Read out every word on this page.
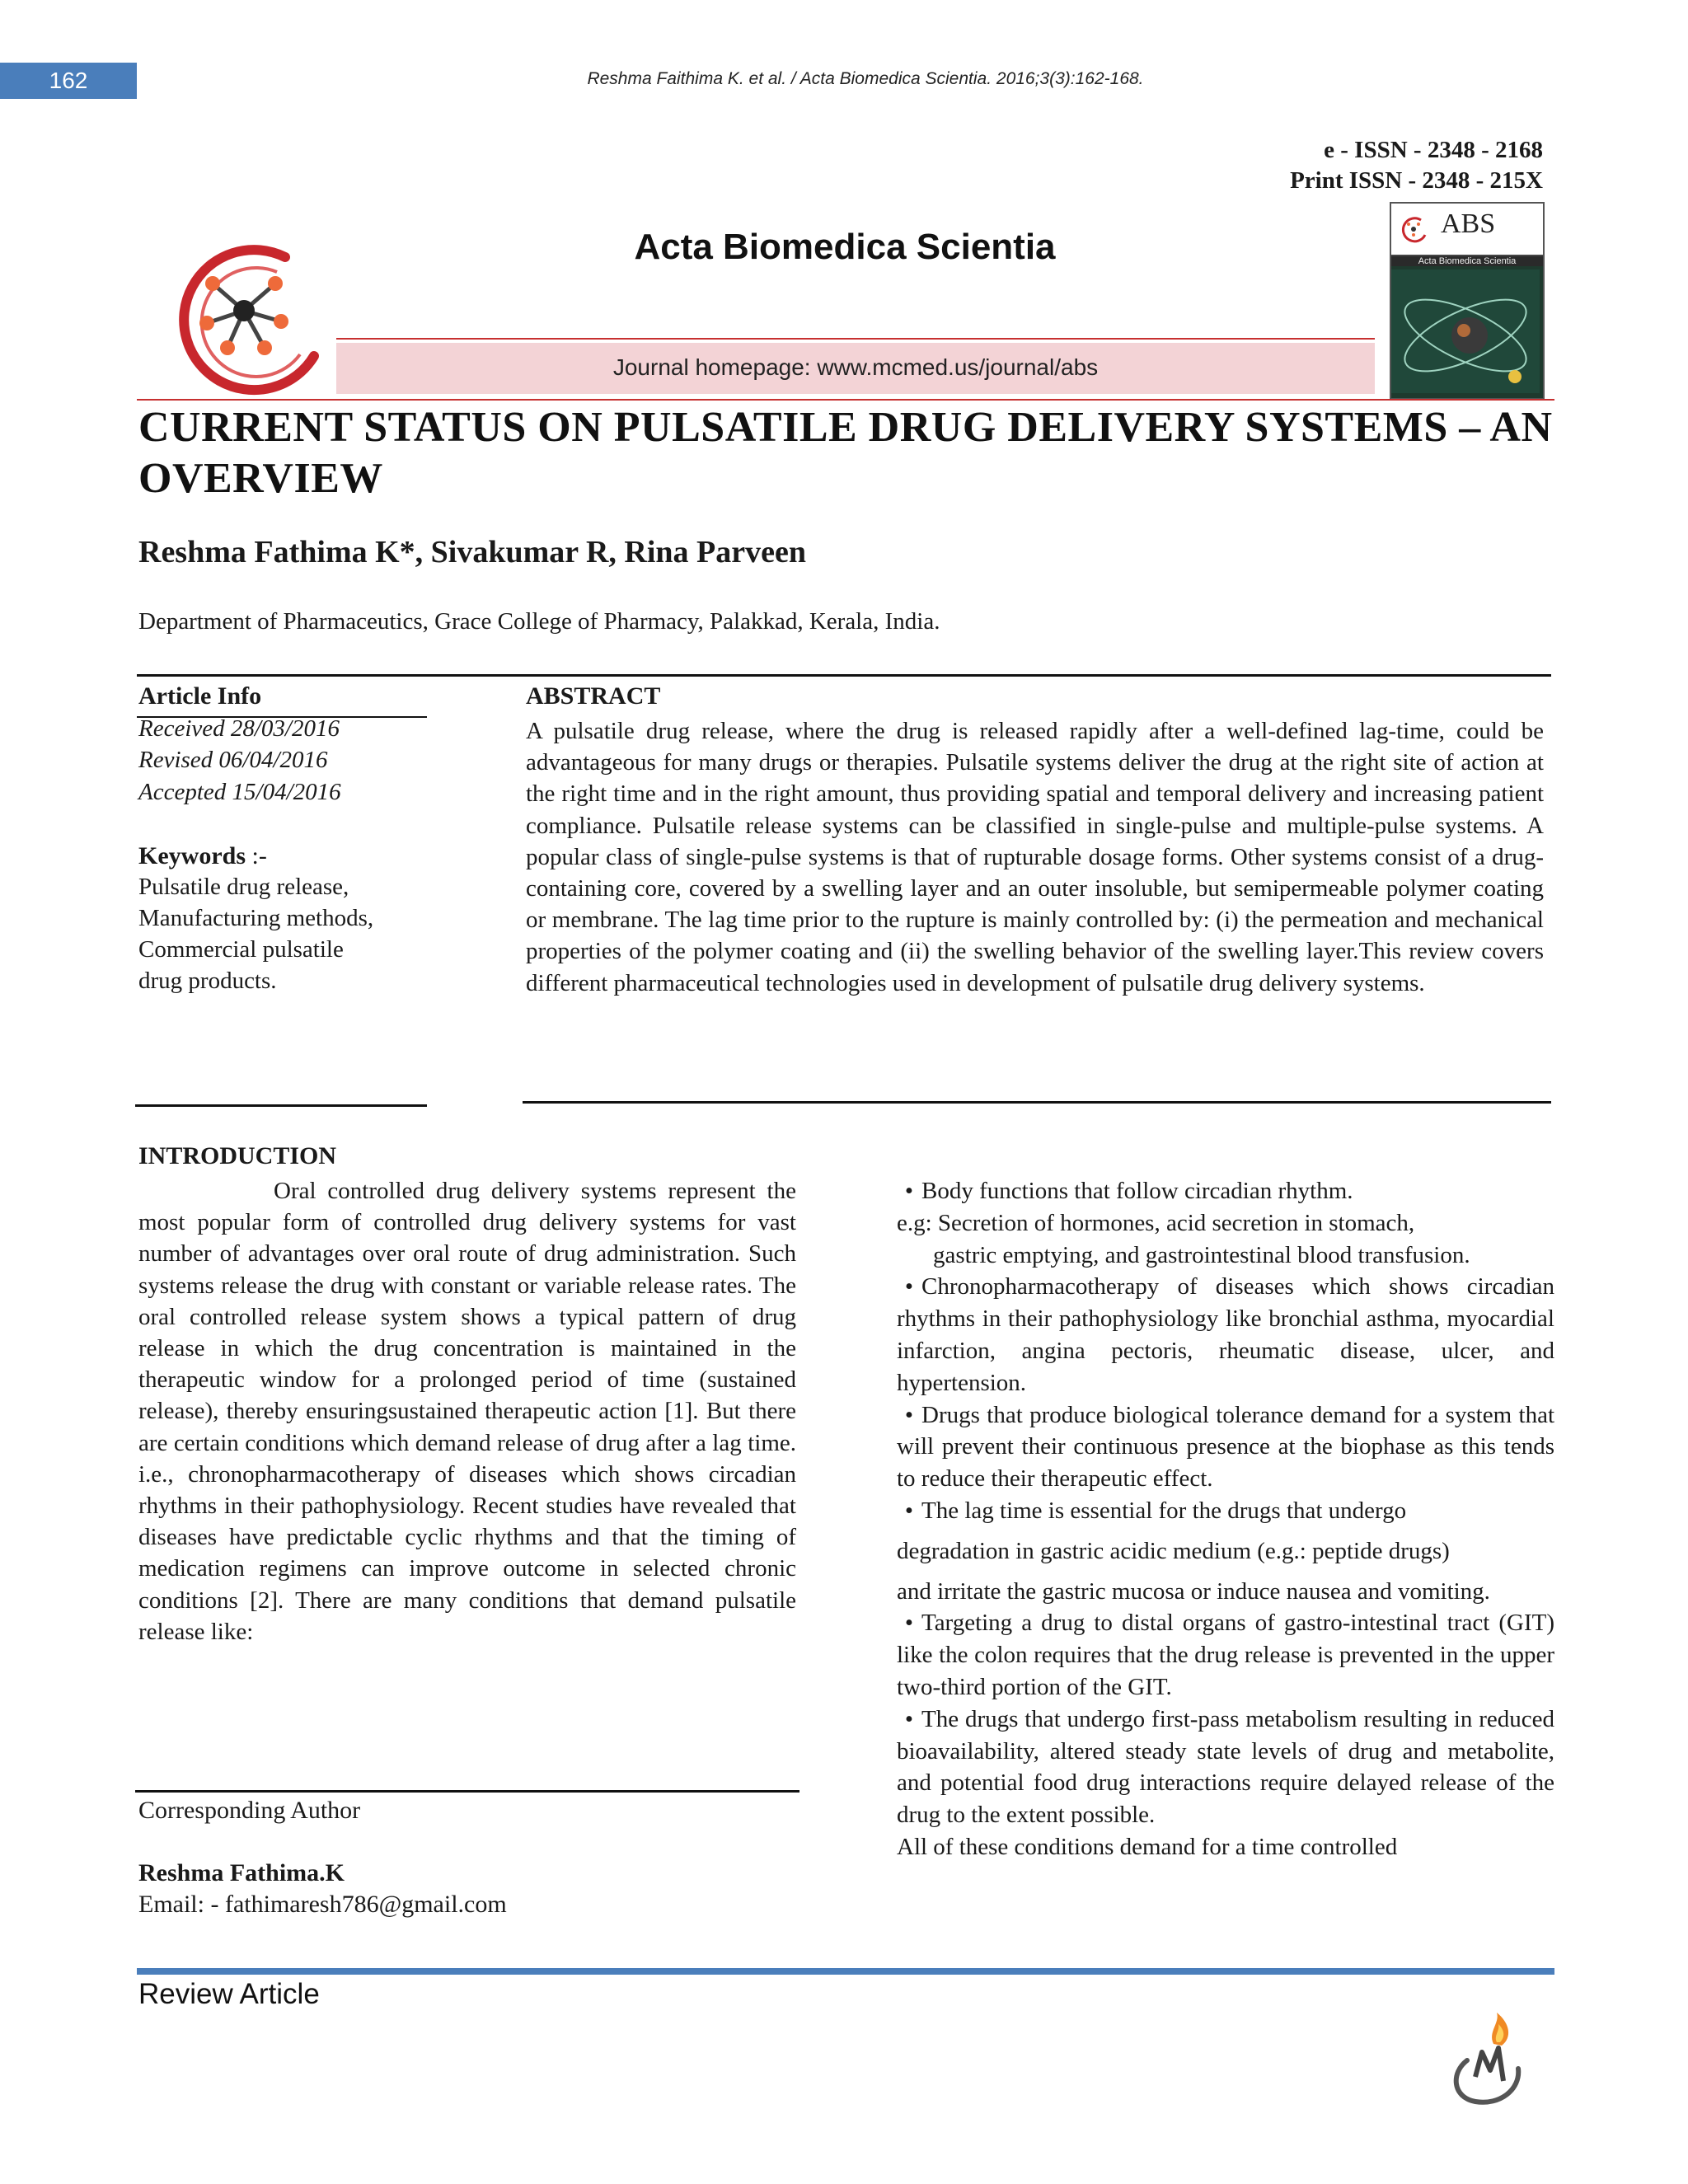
162	Reshma Faithima K. et al. / Acta Biomedica Scientia. 2016;3(3):162-168.
e - ISSN - 2348 - 2168
Print ISSN - 2348 - 215X
Acta Biomedica Scientia
Journal homepage: www.mcmed.us/journal/abs
ABS
Acta Biomedica Scientia
CURRENT STATUS ON PULSATILE DRUG DELIVERY SYSTEMS – AN OVERVIEW
Reshma Fathima K*, Sivakumar R, Rina Parveen
Department of Pharmaceutics, Grace College of Pharmacy, Palakkad, Kerala, India.
Article Info
Received 28/03/2016
Revised 06/04/2016
Accepted 15/04/2016
Keywords :-
Pulsatile drug release,
Manufacturing methods,
Commercial pulsatile
drug products.
ABSTRACT
A pulsatile drug release, where the drug is released rapidly after a well-defined lag-time, could be advantageous for many drugs or therapies. Pulsatile systems deliver the drug at the right site of action at the right time and in the right amount, thus providing spatial and temporal delivery and increasing patient compliance. Pulsatile release systems can be classified in single-pulse and multiple-pulse systems. A popular class of single-pulse systems is that of rupturable dosage forms. Other systems consist of a drug-containing core, covered by a swelling layer and an outer insoluble, but semipermeable polymer coating or membrane. The lag time prior to the rupture is mainly controlled by: (i) the permeation and mechanical properties of the polymer coating and (ii) the swelling behavior of the swelling layer.This review covers different pharmaceutical technologies used in development of pulsatile drug delivery systems.
INTRODUCTION

Oral controlled drug delivery systems represent the most popular form of controlled drug delivery systems for vast number of advantages over oral route of drug administration. Such systems release the drug with constant or variable release rates. The oral controlled release system shows a typical pattern of drug release in which the drug concentration is maintained in the therapeutic window for a prolonged period of time (sustained release), thereby ensuringsustained therapeutic action [1]. But there are certain conditions which demand release of drug after a lag time. i.e., chronopharmacotherapy of diseases which shows circadian rhythms in their pathophysiology. Recent studies have revealed that diseases have predictable cyclic rhythms and that the timing of medication regimens can improve outcome in selected chronic conditions [2]. There are many conditions that demand pulsatile release like:

Corresponding Author
Reshma Fathima.K
Email: - fathimaresh786@gmail.com
• Body functions that follow circadian rhythm.
e.g: Secretion of hormones, acid secretion in stomach,
gastric emptying, and gastrointestinal blood transfusion.
• Chronopharmacotherapy of diseases which shows circadian rhythms in their pathophysiology like bronchial asthma, myocardial infarction, angina pectoris, rheumatic disease, ulcer, and hypertension.
• Drugs that produce biological tolerance demand for a system that will prevent their continuous presence at the biophase as this tends to reduce their therapeutic effect.
• The lag time is essential for the drugs that undergo
degradation in gastric acidic medium (e.g.: peptide drugs)
and irritate the gastric mucosa or induce nausea and vomiting.
• Targeting a drug to distal organs of gastro-intestinal tract (GIT) like the colon requires that the drug release is prevented in the upper two-third portion of the GIT.
• The drugs that undergo first-pass metabolism resulting in reduced bioavailability, altered steady state levels of drug and metabolite, and potential food drug interactions require delayed release of the drug to the extent possible.
All of these conditions demand for a time controlled
Review Article
